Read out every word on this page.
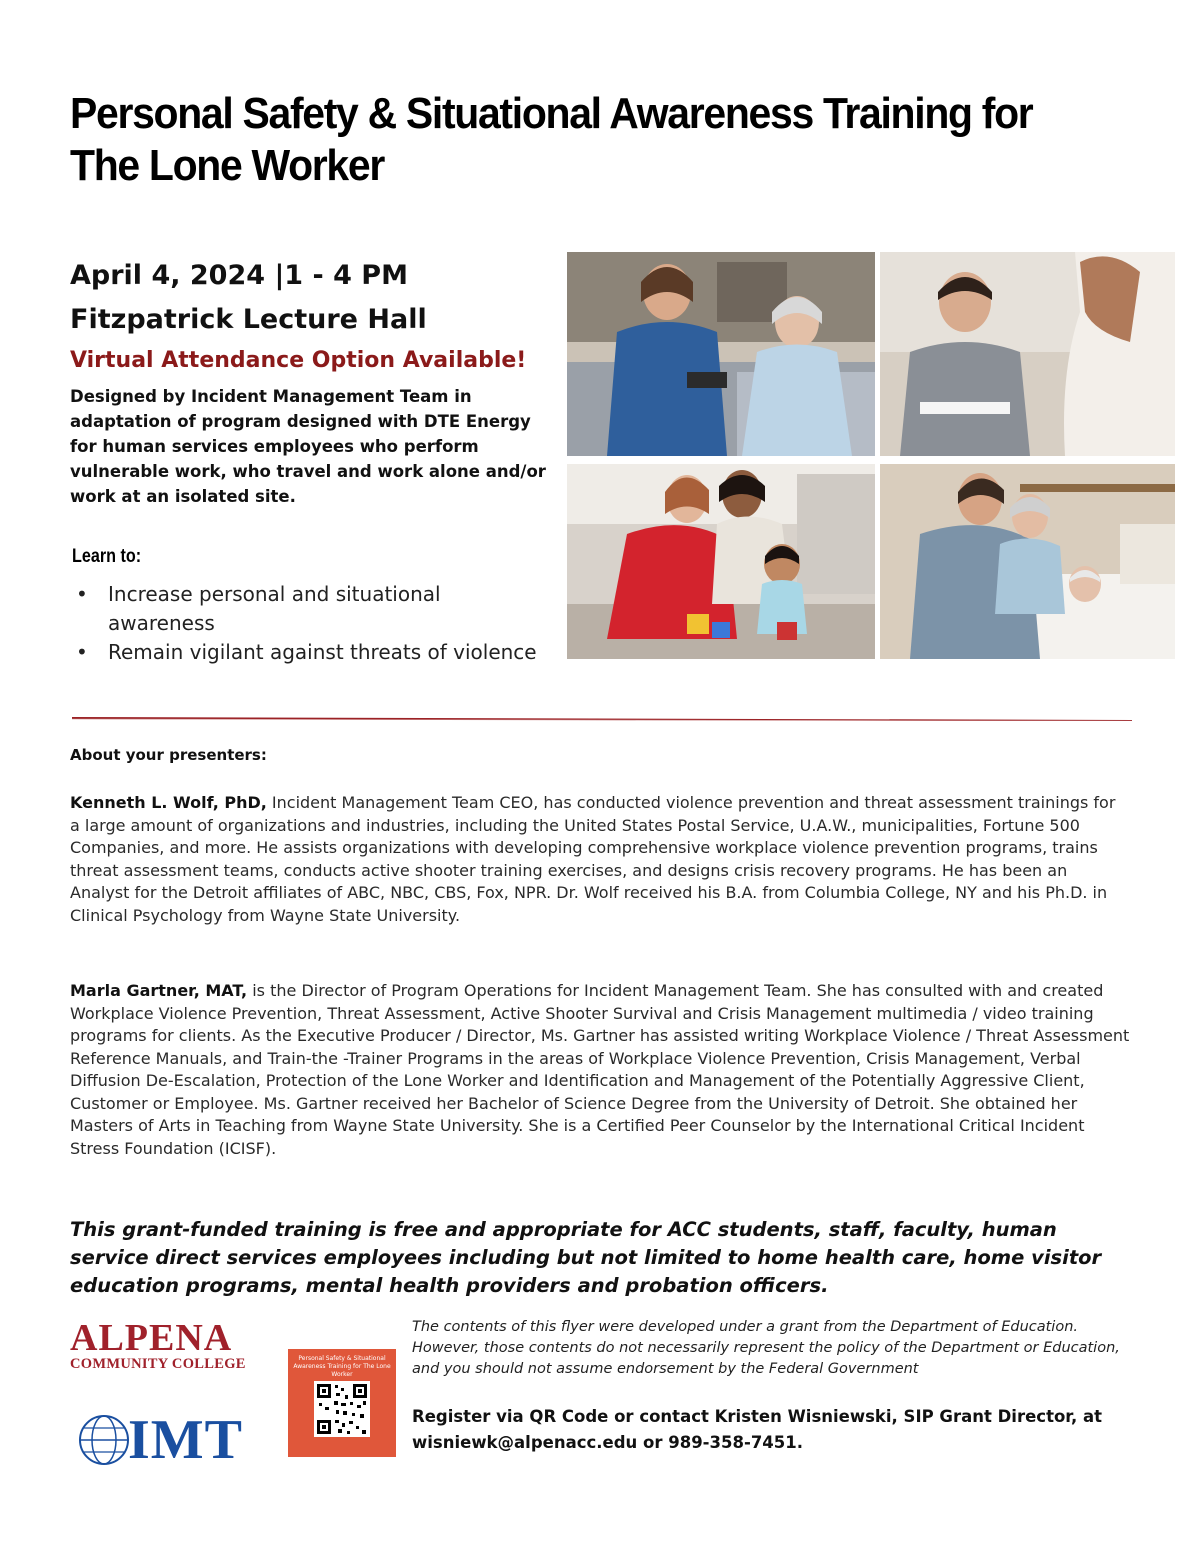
Personal Safety & Situational Awareness Training for
The Lone Worker
April 4, 2024 |1 - 4 PM
Fitzpatrick Lecture Hall
Virtual Attendance Option Available!
Designed by Incident Management Team in adaptation of program designed with DTE Energy for human services employees who perform vulnerable work, who travel and work alone and/or work at an isolated site.
Learn to:
• Increase personal and situational awareness
• Remain vigilant against threats of violence
About your presenters:
Kenneth L. Wolf, PhD, Incident Management Team CEO, has conducted violence prevention and threat assessment trainings for a large amount of organizations and industries, including the United States Postal Service, U.A.W., municipalities, Fortune 500 Companies, and more. He assists organizations with developing comprehensive workplace violence prevention programs, trains threat assessment teams, conducts active shooter training exercises, and designs crisis recovery programs. He has been an Analyst for the Detroit affiliates of ABC, NBC, CBS, Fox, NPR. Dr. Wolf received his B.A. from Columbia College, NY and his Ph.D. in Clinical Psychology from Wayne State University.
Marla Gartner, MAT, is the Director of Program Operations for Incident Management Team. She has consulted with and created Workplace Violence Prevention, Threat Assessment, Active Shooter Survival and Crisis Management multimedia / video training programs for clients. As the Executive Producer / Director, Ms. Gartner has assisted writing Workplace Violence / Threat Assessment Reference Manuals, and Train-the -Trainer Programs in the areas of Workplace Violence Prevention, Crisis Management, Verbal Diffusion De-Escalation, Protection of the Lone Worker and Identification and Management of the Potentially Aggressive Client, Customer or Employee. Ms. Gartner received her Bachelor of Science Degree from the University of Detroit. She obtained her Masters of Arts in Teaching from Wayne State University. She is a Certified Peer Counselor by the International Critical Incident Stress Foundation (ICISF).
This grant-funded training is free and appropriate for ACC students, staff, faculty, human service direct services employees including but not limited to home health care, home visitor education programs, mental health providers and probation officers.
ALPENA
COMMUNITY COLLEGE
IMT
Personal Safety & Situational Awareness Training for The Lone Worker
The contents of this flyer were developed under a grant from the Department of Education. However, those contents do not necessarily represent the policy of the Department or Education, and you should not assume endorsement by the Federal Government
Register via QR Code or contact Kristen Wisniewski, SIP Grant Director, at wisniewk@alpenacc.edu or 989-358-7451.
